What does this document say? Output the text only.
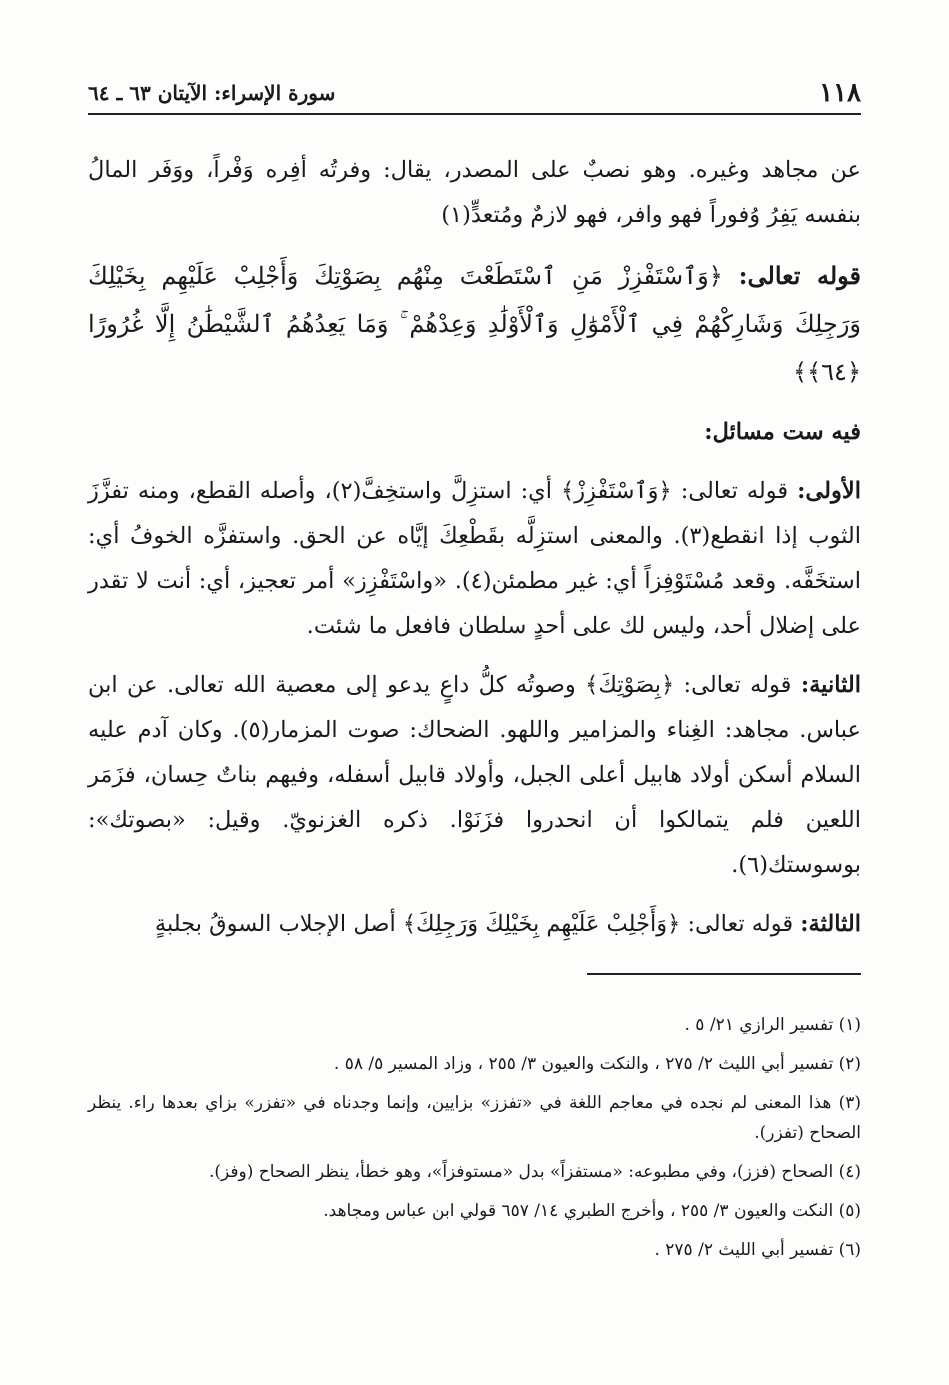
١١٨
سورة الإسراء: الآيتان ٦٣ ـ ٦٤

عن مجاهد وغيره. وهو نصبٌ على المصدر، يقال: وفرتُه أفِره وَفْراً، ووَفَر المالُ بنفسه يَفِرُ وُفوراً فهو وافر، فهو لازمٌ ومُتعدٍّ(١)

قوله تعالى: ﴿وَٱسْتَفْزِزْ مَنِ ٱسْتَطَعْتَ مِنْهُم بِصَوْتِكَ وَأَجْلِبْ عَلَيْهِم بِخَيْلِكَ وَرَجِلِكَ وَشَارِكْهُمْ فِي ٱلْأَمْوَٰلِ وَٱلْأَوْلَٰدِ وَعِدْهُمْ ۚ وَمَا يَعِدُهُمُ ٱلشَّيْطَٰنُ إِلَّا غُرُورًا ﴿٦٤﴾﴾

فيه ست مسائل:

الأولى: قوله تعالى: ﴿وَٱسْتَفْزِزْ﴾ أي: استزِلَّ واستخِفَّ(٢)، وأصله القطع، ومنه تفزَّزَ الثوب إذا انقطع(٣). والمعنى استزِلَّه بقَطْعِكَ إيَّاه عن الحق. واستفزَّه الخوفُ أي: استخَفَّه. وقعد مُسْتَوْفِزاً أي: غير مطمئن(٤). «واسْتَفْزِز» أمر تعجيز، أي: أنت لا تقدر على إضلال أحد، وليس لك على أحدٍ سلطان فافعل ما شئت.

الثانية: قوله تعالى: ﴿بِصَوْتِكَ﴾ وصوتُه كلُّ داعٍ يدعو إلى معصية الله تعالى. عن ابن عباس. مجاهد: الغِناء والمزامير واللهو. الضحاك: صوت المزمار(٥). وكان آدم عليه السلام أسكن أولاد هابيل أعلى الجبل، وأولاد قابيل أسفله، وفيهم بناتٌ حِسان، فزَمَر اللعين فلم يتمالكوا أن انحدروا فزَنَوْا. ذكره الغزنويّ. وقيل: «بصوتك»: بوسوستك(٦).

الثالثة: قوله تعالى: ﴿وَأَجْلِبْ عَلَيْهِم بِخَيْلِكَ وَرَجِلِكَ﴾ أصل الإجلاب السوقُ بجلبةٍ

(١) تفسير الرازي ٢١/ ٥ .

(٢) تفسير أبي الليث ٢/ ٢٧٥ ، والنكت والعيون ٣/ ٢٥٥ ، وزاد المسير ٥/ ٥٨ .

(٣) هذا المعنى لم نجده في معاجم اللغة في «تفزز» بزايين، وإنما وجدناه في «تفزر» بزاي بعدها راء. ينظر الصحاح (تفزر).

(٤) الصحاح (فزز)، وفي مطبوعه: «مستفزاً» بدل «مستوفزاً»، وهو خطأ، ينظر الصحاح (وفز).

(٥) النكت والعيون ٣/ ٢٥٥ ، وأخرج الطبري ١٤/ ٦٥٧ قولي ابن عباس ومجاهد.

(٦) تفسير أبي الليث ٢/ ٢٧٥ .
